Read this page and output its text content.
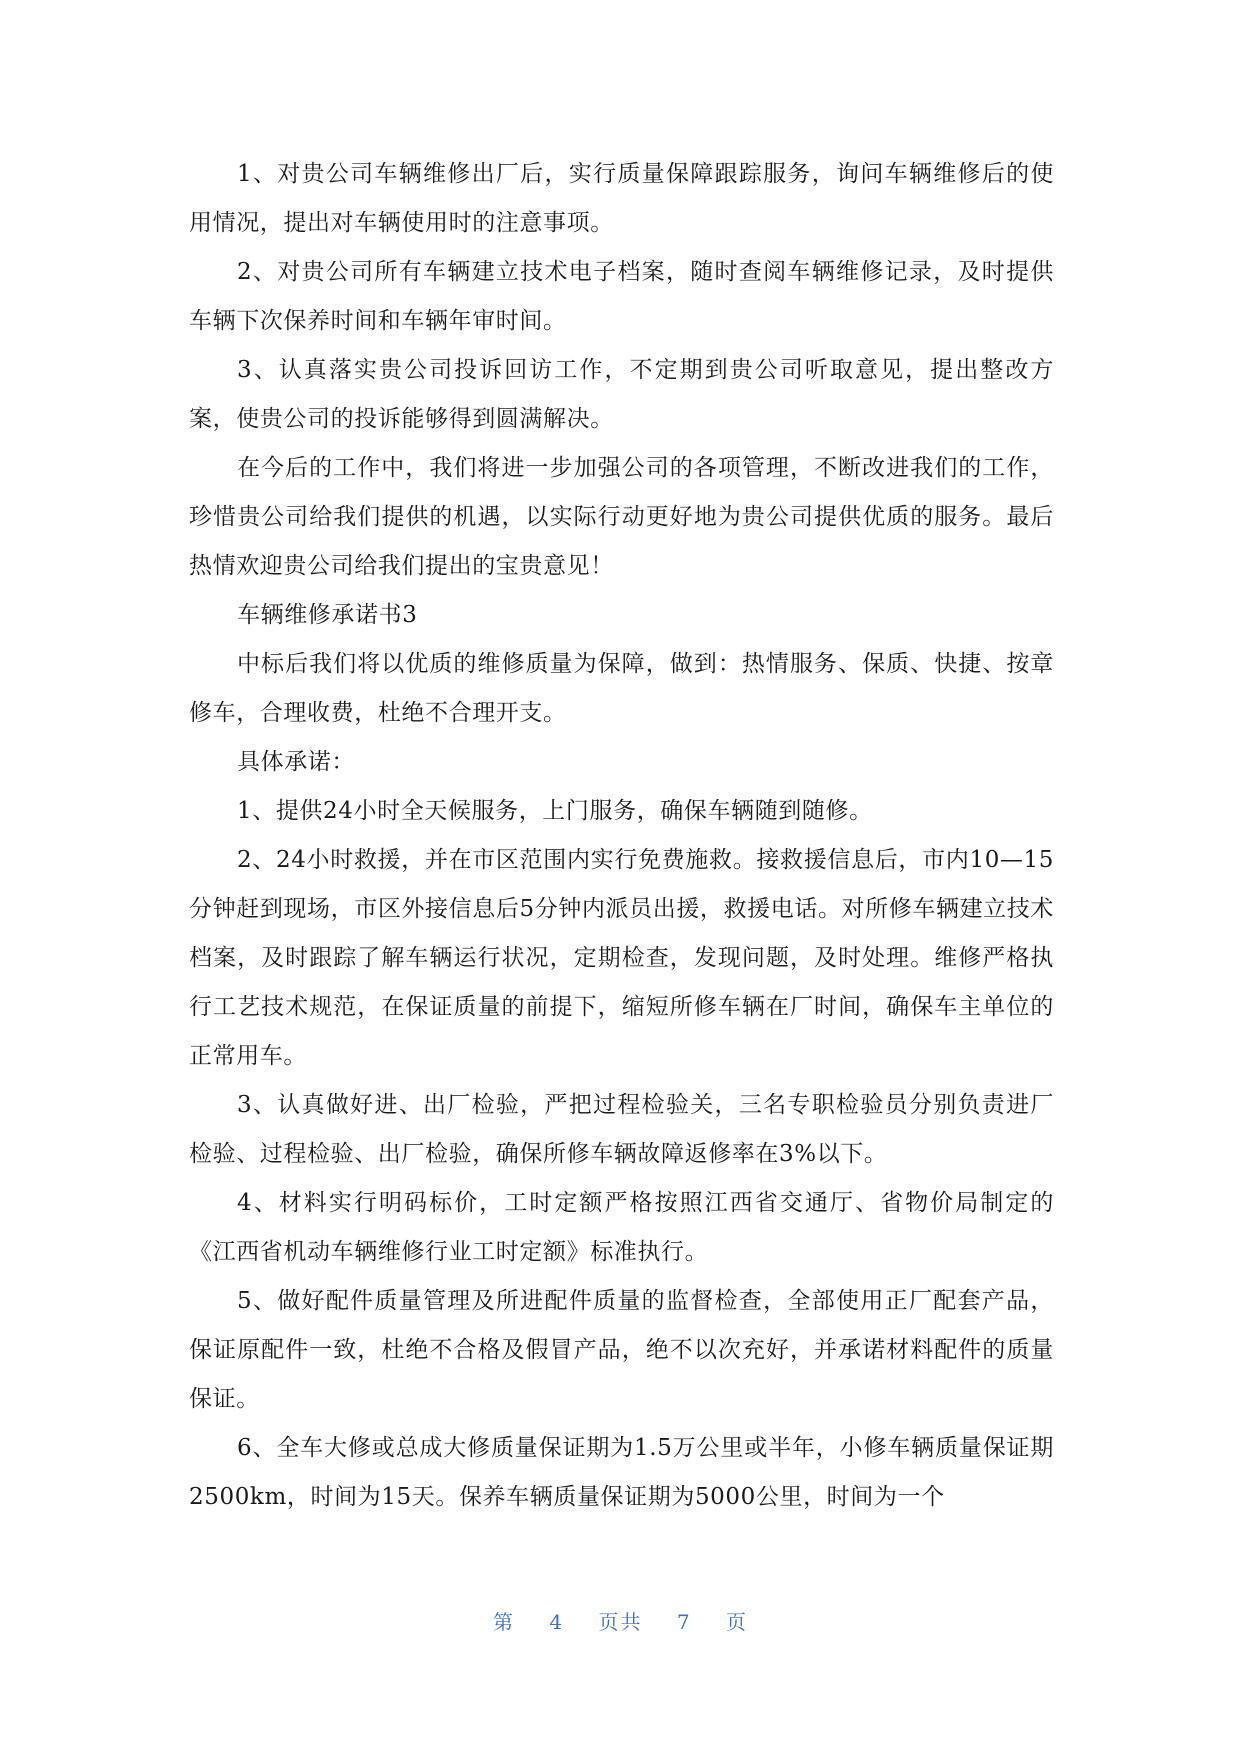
1、对贵公司车辆维修出厂后，实行质量保障跟踪服务，询问车辆维修后的使用情况，提出对车辆使用时的注意事项。

2、对贵公司所有车辆建立技术电子档案，随时查阅车辆维修记录，及时提供车辆下次保养时间和车辆年审时间。

3、认真落实贵公司投诉回访工作，不定期到贵公司听取意见，提出整改方案，使贵公司的投诉能够得到圆满解决。

在今后的工作中，我们将进一步加强公司的各项管理，不断改进我们的工作，珍惜贵公司给我们提供的机遇，以实际行动更好地为贵公司提供优质的服务。最后热情欢迎贵公司给我们提出的宝贵意见！

车辆维修承诺书3

中标后我们将以优质的维修质量为保障，做到：热情服务、保质、快捷、按章修车，合理收费，杜绝不合理开支。

具体承诺：

1、提供24小时全天候服务，上门服务，确保车辆随到随修。

2、24小时救援，并在市区范围内实行免费施救。接救援信息后，市内10—15分钟赶到现场，市区外接信息后5分钟内派员出援，救援电话。对所修车辆建立技术档案，及时跟踪了解车辆运行状况，定期检查，发现问题，及时处理。维修严格执行工艺技术规范，在保证质量的前提下，缩短所修车辆在厂时间，确保车主单位的正常用车。

3、认真做好进、出厂检验，严把过程检验关，三名专职检验员分别负责进厂检验、过程检验、出厂检验，确保所修车辆故障返修率在3%以下。

4、材料实行明码标价，工时定额严格按照江西省交通厅、省物价局制定的《江西省机动车辆维修行业工时定额》标准执行。

5、做好配件质量管理及所进配件质量的监督检查，全部使用正厂配套产品，保证原配件一致，杜绝不合格及假冒产品，绝不以次充好，并承诺材料配件的质量保证。

6、全车大修或总成大修质量保证期为1.5万公里或半年，小修车辆质量保证期2500km，时间为15天。保养车辆质量保证期为5000公里，时间为一个

第 4 页共 7 页
